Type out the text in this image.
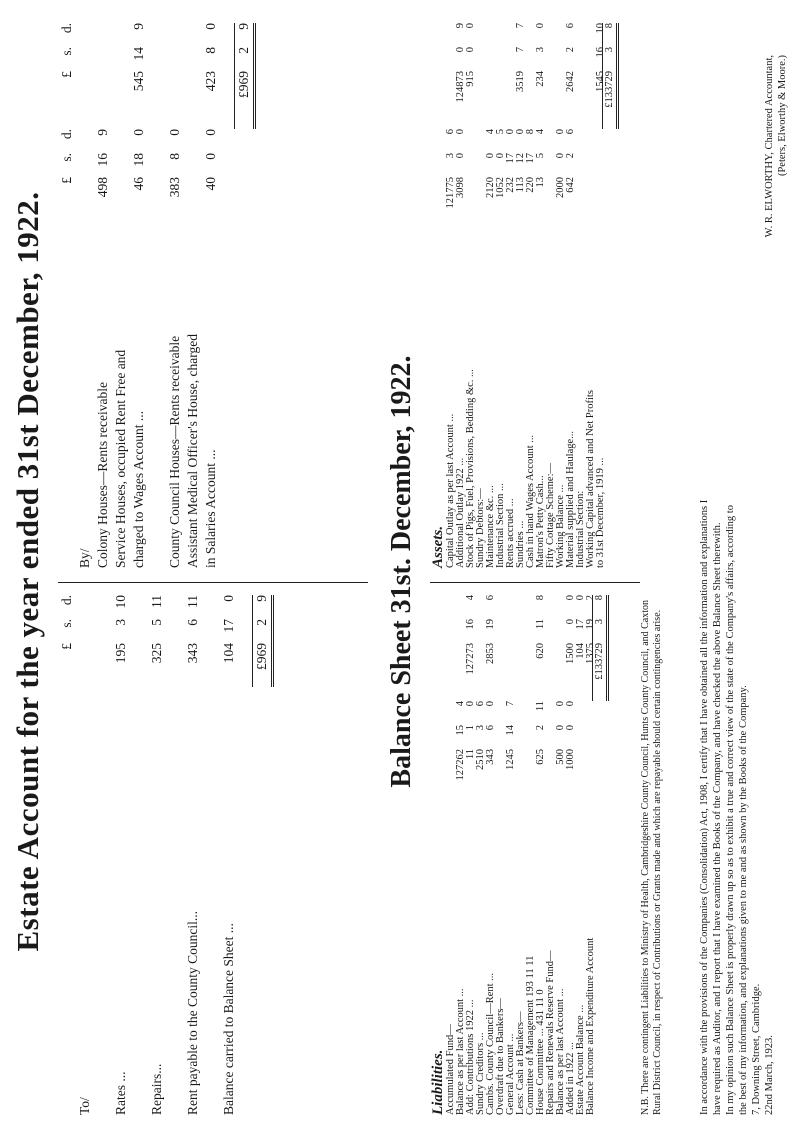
Estate Account for the year ended 31st December, 1922. £
s.
d.
To/ Rates ...
195
3
10
Repairs...
325
5
11
Rent payable to the County Council...
343
6
11
Balance carried to Balance Sheet ...
104
17
0
£969
2
9
£
s.
d.
£
s.
d.
By/ Colony Houses—Rents receivable
498
16
9
Service Houses, occupied Rent Free and charged to Wages Account ...
46
18
0
545
14
9
County Council Houses—Rents receivable
383
8
0
Assistant Medical Officer's House, charged in Salaries Account ...
40
0
0
423
8
0
£969
2
9
Balance Sheet 31st. December, 1922.
Liabilities. Accumulated Fund— Balance as per last Account ...
127262
15
4
Add: Contributions 1922 ...
11
1
0
127273
16
4
Sundry Creditors ...
2510
3
6
Cambs. County Council—Rent ...
343
6
0
2853
19
6
Overdraft due to Bankers— General Account ...
1245
14
7
Less: Cash at Bankers— Committee of Management 193 11 11 House Committee ... 431 11 0
625
2
11
620
11
8
Repairs and Renewals Reserve Fund— Balance as per last Account ...
500
0
0
Added in 1922 ...
1000
0
0
1500
0
0
Estate Account Balance ...
104
17
0
Balance Income and Expenditure Account
1375
19
2
£133729
3
8
Assets. Capital Outlay as per last Account ...
121775
3
6
Additional Outlay 1922 ...
3098
0
0
124873
0
9
Stock of Pigs, Fuel, Provisions, Bedding &c. ...
915
0
0
Sundry Debtors:— Maintenance &c. ...
2120
0
4
Industrial Section ...
1052
0
5
Rents accrued ...
232
17
0
Sundries ...
113
12
0
3519
7
7
Cash in hand Wages Account ...
220
17
8
Matron's Petty Cash...
13
5
4
234
3
0
Fifty Cottage Scheme:— Working Balance ...
2000
0
0
Material supplied and Haulage...
642
2
6
2642
2
6
Industrial Section: Working Capital advanced and Net Profits to 31st December, 1919 ...
1545
16
10
£133729
3
8
N.B. There are contingent Liabilities to Ministry of Health, Cambridgeshire County Council, Hunts County Council, and Caxton Rural District Council, in respect of Contributions or Grants made and which are repayable should certain contingencies arise.	In accordance with the provisions of the Companies (Consolidation) Act, 1908, I certify that I have obtained all the information and explanations I have required as Auditor, and I report that I have examined the Books of the Company, and have checked the above Balance Sheet therewith. In my opinion such Balance Sheet is properly drawn up so as to exhibit a true and correct view of the state of the Company's affairs, according to the best of my information, and explanations given to me and as shown by the Books of the Company. 7, Downing Street, Cambridge. 22nd March, 1923.
W. R. ELWORTHY, Chartered Accountant, (Peters, Elworthy & Moore.)
